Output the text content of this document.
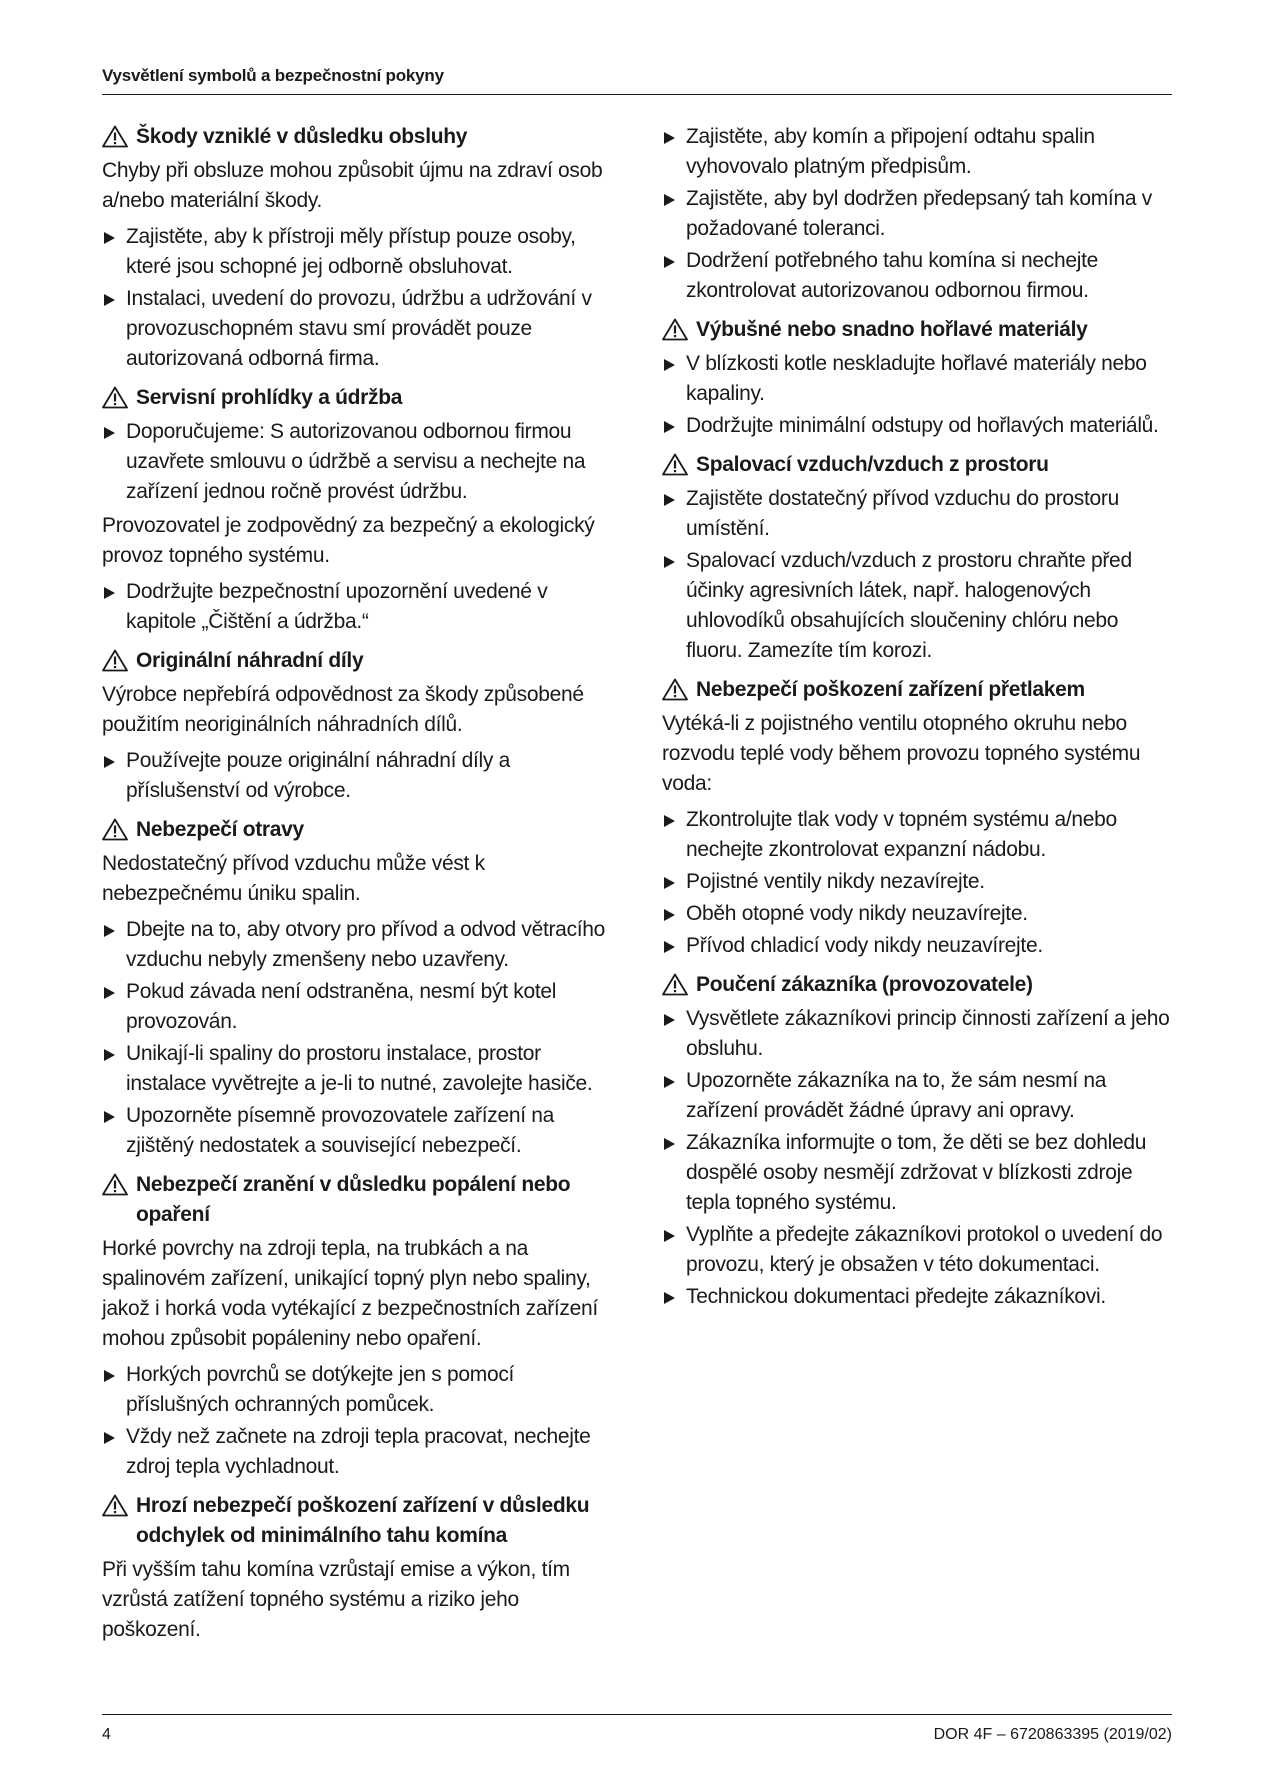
Vysvětlení symbolů a bezpečnostní pokyny
Škody vzniklé v důsledku obsluhy
Chyby při obsluze mohou způsobit újmu na zdraví osob a/nebo materiální škody.
Zajistěte, aby k přístroji měly přístup pouze osoby, které jsou schopné jej odborně obsluhovat.
Instalaci, uvedení do provozu, údržbu a udržování v provozuschopném stavu smí provádět pouze autorizovaná odborná firma.
Servisní prohlídky a údržba
Doporučujeme: S autorizovanou odbornou firmou uzavřete smlouvu o údržbě a servisu a nechejte na zařízení jednou ročně provést údržbu.
Provozovatel je zodpovědný za bezpečný a ekologický provoz topného systému.
Dodržujte bezpečnostní upozornění uvedené v kapitole „Čištění a údržba.“
Originální náhradní díly
Výrobce nepřebírá odpovědnost za škody způsobené použitím neoriginálních náhradních dílů.
Používejte pouze originální náhradní díly a příslušenství od výrobce.
Nebezpečí otravy
Nedostatečný přívod vzduchu může vést k nebezpečnému úniku spalin.
Dbejte na to, aby otvory pro přívod a odvod větracího vzduchu nebyly zmenšeny nebo uzavřeny.
Pokud závada není odstraněna, nesmí být kotel provozován.
Unikají-li spaliny do prostoru instalace, prostor instalace vyvětrejte a je-li to nutné, zavolejte hasiče.
Upozorněte písemně provozovatele zařízení na zjištěný nedostatek a související nebezpečí.
Nebezpečí zranění v důsledku popálení nebo opaření
Horké povrchy na zdroji tepla, na trubkách a na spalinovém zařízení, unikající topný plyn nebo spaliny, jakož i horká voda vytékající z bezpečnostních zařízení mohou způsobit popáleniny nebo opaření.
Horkých povrchů se dotýkejte jen s pomocí příslušných ochranných pomůcek.
Vždy než začnete na zdroji tepla pracovat, nechejte zdroj tepla vychladnout.
Hrozí nebezpečí poškození zařízení v důsledku odchylek od minimálního tahu komína
Při vyšším tahu komína vzrůstají emise a výkon, tím vzrůstá zatížení topného systému a riziko jeho poškození.
Zajistěte, aby komín a připojení odtahu spalin vyhovovalo platným předpisům.
Zajistěte, aby byl dodržen předepsaný tah komína v požadované toleranci.
Dodržení potřebného tahu komína si nechejte zkontrolovat autorizovanou odbornou firmou.
Výbušné nebo snadno hořlavé materiály
V blízkosti kotle neskladujte hořlavé materiály nebo kapaliny.
Dodržujte minimální odstupy od hořlavých materiálů.
Spalovací vzduch/vzduch z prostoru
Zajistěte dostatečný přívod vzduchu do prostoru umístění.
Spalovací vzduch/vzduch z prostoru chraňte před účinky agresivních látek, např. halogenových uhlovodíků obsahujících sloučeniny chlóru nebo fluoru. Zamezíte tím korozi.
Nebezpečí poškození zařízení přetlakem
Vytéká-li z pojistného ventilu otopného okruhu nebo rozvodu teplé vody během provozu topného systému voda:
Zkontrolujte tlak vody v topném systému a/nebo nechejte zkontrolovat expanzní nádobu.
Pojistné ventily nikdy nezavírejte.
Oběh otopné vody nikdy neuzavírejte.
Přívod chladicí vody nikdy neuzavírejte.
Poučení zákazníka (provozovatele)
Vysvětlete zákazníkovi princip činnosti zařízení a jeho obsluhu.
Upozorněte zákazníka na to, že sám nesmí na zařízení provádět žádné úpravy ani opravy.
Zákazníka informujte o tom, že děti se bez dohledu dospělé osoby nesmějí zdržovat v blízkosti zdroje tepla topného systému.
Vyplňte a předejte zákazníkovi protokol o uvedení do provozu, který je obsažen v této dokumentaci.
Technickou dokumentaci předejte zákazníkovi.
4	DOR 4F – 6720863395 (2019/02)
